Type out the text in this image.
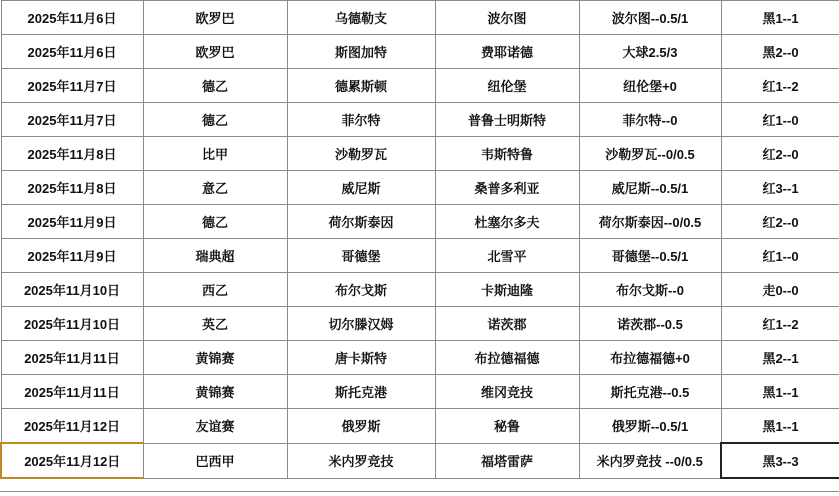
2025年11月6日	欧罗巴	乌德勒支	波尔图	波尔图--0.5/1	黑1--1
2025年11月6日	欧罗巴	斯图加特	费耶诺德	大球2.5/3	黑2--0
2025年11月7日	德乙	德累斯顿	纽伦堡	纽伦堡+0	红1--2
2025年11月7日	德乙	菲尔特	普鲁士明斯特	菲尔特--0	红1--0
2025年11月8日	比甲	沙勒罗瓦	韦斯特鲁	沙勒罗瓦--0/0.5	红2--0
2025年11月8日	意乙	威尼斯	桑普多利亚	威尼斯--0.5/1	红3--1
2025年11月9日	德乙	荷尔斯泰因	杜塞尔多夫	荷尔斯泰因--0/0.5	红2--0
2025年11月9日	瑞典超	哥德堡	北雪平	哥德堡--0.5/1	红1--0
2025年11月10日	西乙	布尔戈斯	卡斯迪隆	布尔戈斯--0	走0--0
2025年11月10日	英乙	切尔滕汉姆	诺茨郡	诺茨郡--0.5	红1--2
2025年11月11日	黄锦赛	唐卡斯特	布拉德福德	布拉德福德+0	黑2--1
2025年11月11日	黄锦赛	斯托克港	维冈竞技	斯托克港--0.5	黑1--1
2025年11月12日	友谊赛	俄罗斯	秘鲁	俄罗斯--0.5/1	黑1--1
2025年11月12日	巴西甲	米内罗竞技	福塔雷萨	米内罗竞技 --0/0.5	黑3--3
